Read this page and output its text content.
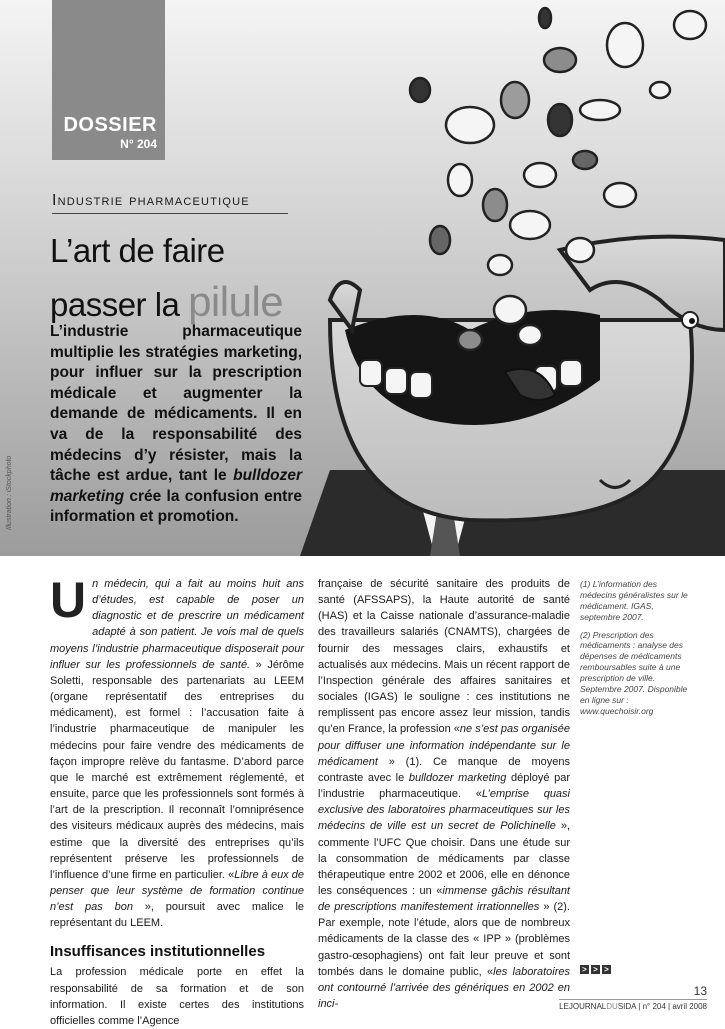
DOSSIER
N° 204
Industrie pharmaceutique
L’art de faire
passer la pilule
L’industrie pharmaceutique multiplie les stratégies marketing, pour influer sur la prescription médicale et augmenter la demande de médicaments. Il en va de la responsabilité des médecins d’y résister, mais la tâche est ardue, tant le bulldozer marketing crée la confusion entre information et promotion.
Illustration : iStockphoto

Un médecin, qui a fait au moins huit ans d’études, est capable de poser un diagnostic et de prescrire un médicament adapté à son patient. Je vois mal de quels moyens l’industrie pharmaceutique disposerait pour influer sur les professionnels de santé. » Jérôme Soletti, responsable des partenariats au LEEM (organe représentatif des entreprises du médicament), est formel : l’accusation faite à l’industrie pharmaceutique de manipuler les médecins pour faire vendre des médicaments de façon impropre relève du fantasme. D’abord parce que le marché est extrêmement réglementé, et ensuite, parce que les professionnels sont formés à l’art de la prescription. Il reconnaît l’omniprésence des visiteurs médicaux auprès des médecins, mais estime que la diversité des entreprises qu’ils représentent préserve les professionnels de l’influence d’une firme en particulier. «Libre à eux de penser que leur système de formation continue n’est pas bon », poursuit avec malice le représentant du LEEM.

Insuffisances institutionnelles

La profession médicale porte en effet la responsabilité de sa formation et de son information. Il existe certes des institutions officielles comme l’Agence

française de sécurité sanitaire des produits de santé (AFSSAPS), la Haute autorité de santé (HAS) et la Caisse nationale d’assurance-maladie des travailleurs salariés (CNAMTS), chargées de fournir des messages clairs, exhaustifs et actualisés aux médecins. Mais un récent rapport de l’Inspection générale des affaires sanitaires et sociales (IGAS) le souligne : ces institutions ne remplissent pas encore assez leur mission, tandis qu’en France, la profession «ne s’est pas organisée pour diffuser une information indépendante sur le médicament » (1). Ce manque de moyens contraste avec le bulldozer marketing déployé par l’industrie pharmaceutique. «L’emprise quasi exclusive des laboratoires pharmaceutiques sur les médecins de ville est un secret de Polichinelle », commente l’UFC Que choisir. Dans une étude sur la consommation de médicaments par classe thérapeutique entre 2002 et 2006, elle en dénonce les conséquences : un «immense gâchis résultant de prescriptions manifestement irrationnelles » (2). Par exemple, note l’étude, alors que de nombreux médicaments de la classe des « IPP » (problèmes gastro-œsophagiens) ont fait leur preuve et sont tombés dans le domaine public, «les laboratoires ont contourné l’arrivée des génériques en 2002 en inci-

(1) L’information des médecins généralistes sur le médicament. IGAS, septembre 2007.

(2) Prescription des médicaments : analyse des dépenses de médicaments remboursables suite à une prescription de ville. Septembre 2007. Disponible en ligne sur : www.quechoisir.org

> > >
13
LEJOURNALDUSIDA | n° 204 | avril 2008
